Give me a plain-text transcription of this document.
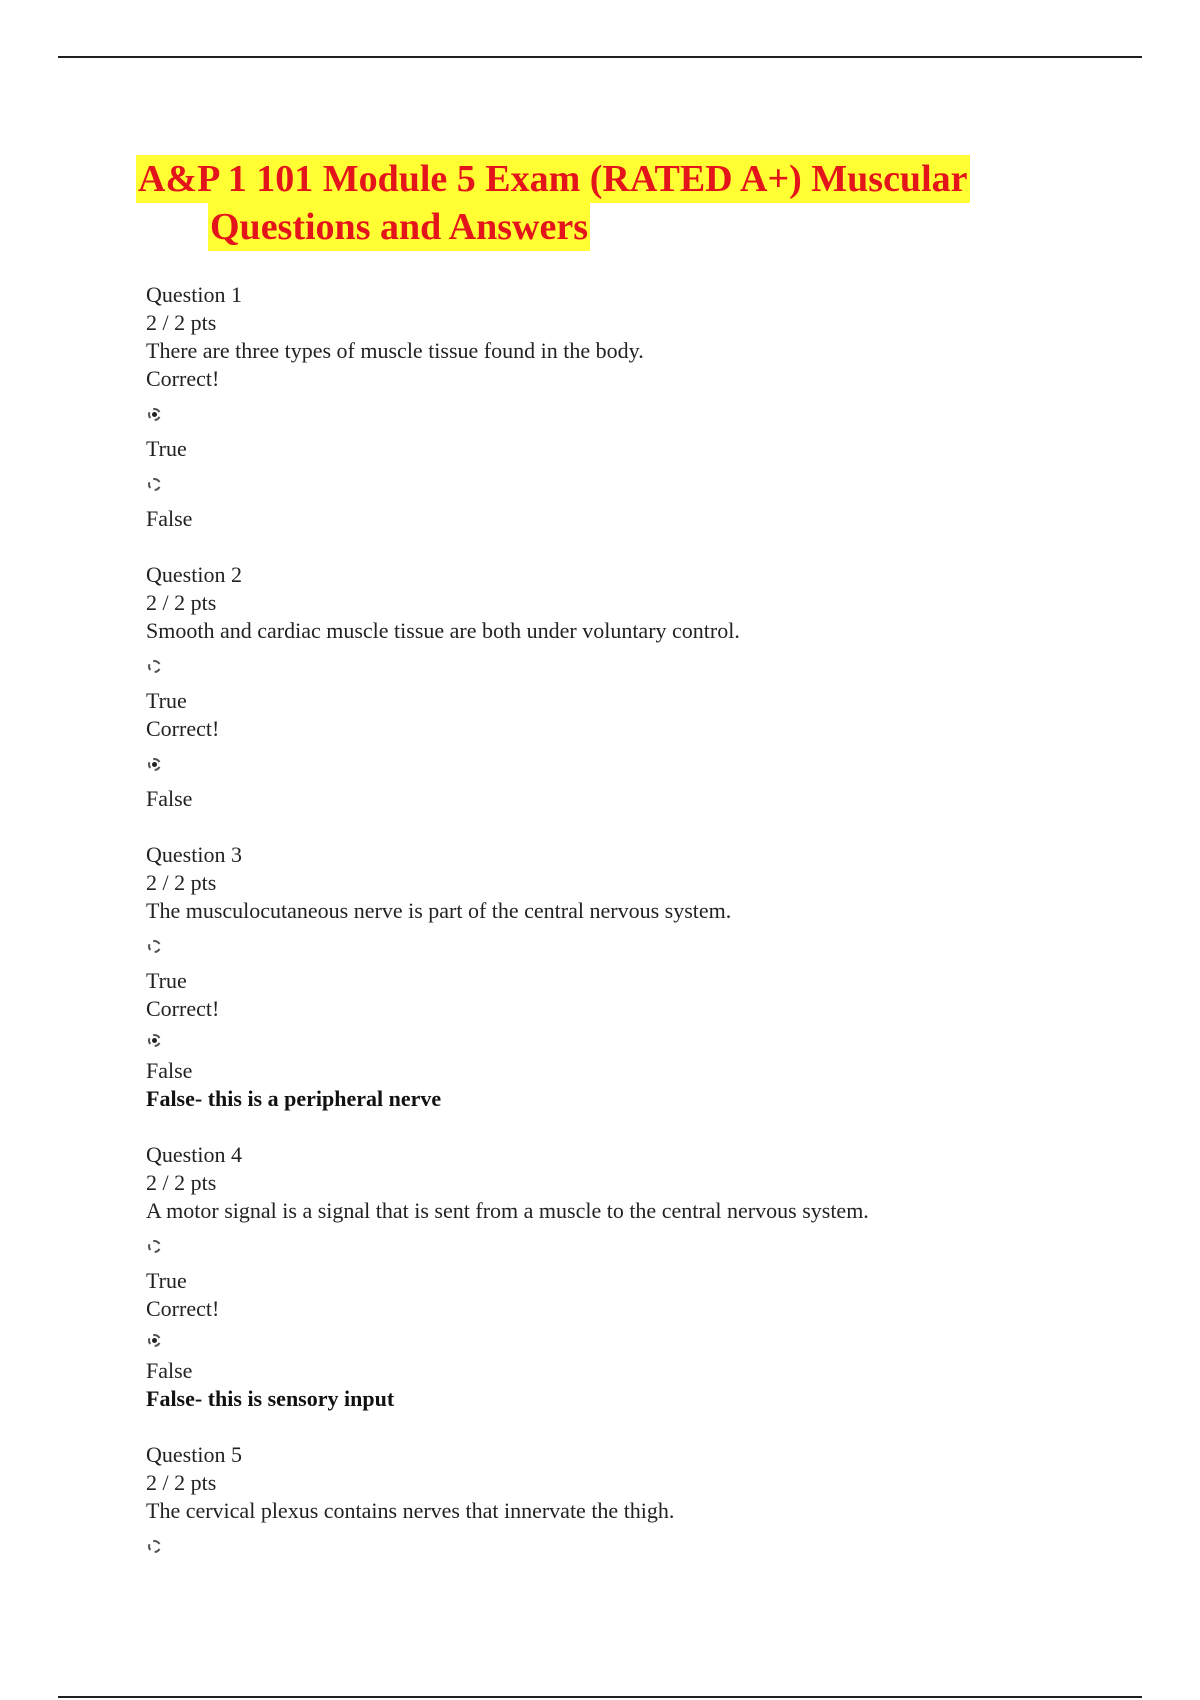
A&P 1 101 Module 5 Exam (RATED A+) Muscular
Questions and Answers
Question 1
2 / 2 pts
There are three types of muscle tissue found in the body. Correct!
True
False
Question 2
2 / 2 pts
Smooth and cardiac muscle tissue are both under voluntary control.
True
Correct!
False
Question 3
2 / 2 pts
The musculocutaneous nerve is part of the central nervous system.
True
Correct!
False
False- this is a peripheral nerve
Question 4
2 / 2 pts
A motor signal is a signal that is sent from a muscle to the central nervous system.
True
Correct!
False
False- this is sensory input
Question 5
2 / 2 pts
The cervical plexus contains nerves that innervate the thigh.
